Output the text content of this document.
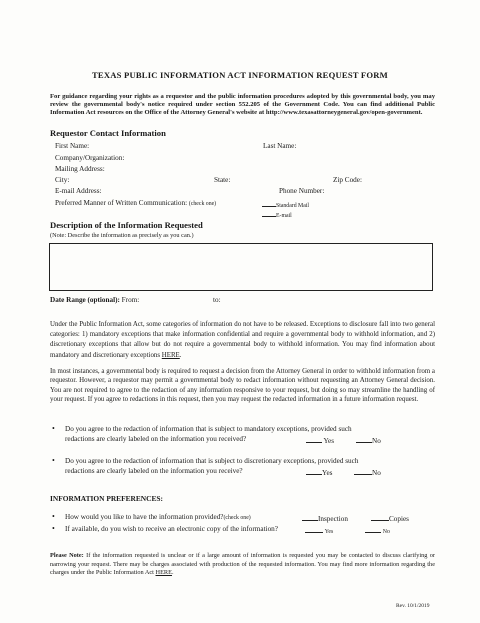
TEXAS PUBLIC INFORMATION ACT INFORMATION REQUEST FORM
For guidance regarding your rights as a requestor and the public information procedures adopted by this governmental body, you may review the governmental body's notice required under section 552.205 of the Government Code. You can find additional Public Information Act resources on the Office of the Attorney General's website at http://www.texasattorneygeneral.gov/open-government.
Requestor Contact Information
First Name:	Last Name:
Company/Organization:
Mailing Address:
City:	State:	Zip Code:
E-mail Address:	Phone Number:
Preferred Manner of Written Communication: (check one)	Standard Mail
E-mail
Description of the Information Requested
(Note: Describe the information as precisely as you can.)
Date Range (optional): From:	to:
Under the Public Information Act, some categories of information do not have to be released. Exceptions to disclosure fall into two general categories: 1) mandatory exceptions that make information confidential and require a governmental body to withhold information, and 2) discretionary exceptions that allow but do not require a governmental body to withhold information. You may find information about mandatory and discretionary exceptions HERE.
In most instances, a governmental body is required to request a decision from the Attorney General in order to withhold information from a requestor. However, a requestor may permit a governmental body to redact information without requesting an Attorney General decision. You are not required to agree to the redaction of any information responsive to your request, but doing so may streamline the handling of your request. If you agree to redactions in this request, then you may request the redacted information in a future information request.
• Do you agree to the redaction of information that is subject to mandatory exceptions, provided such
redactions are clearly labeled on the information you received?	Yes	No
• Do you agree to the redaction of information that is subject to discretionary exceptions, provided such
redactions are clearly labeled on the information you receive?	Yes	No
INFORMATION PREFERENCES:
• How would you like to have the information provided?(check one)	Inspection	Copies
• If available, do you wish to receive an electronic copy of the information?	Yes	No
Please Note: If the information requested is unclear or if a large amount of information is requested you may be contacted to discuss clarifying or narrowing your request. There may be charges associated with production of the requested information. You may find more information regarding the charges under the Public Information Act HERE.
Rev. 10/1/2019
